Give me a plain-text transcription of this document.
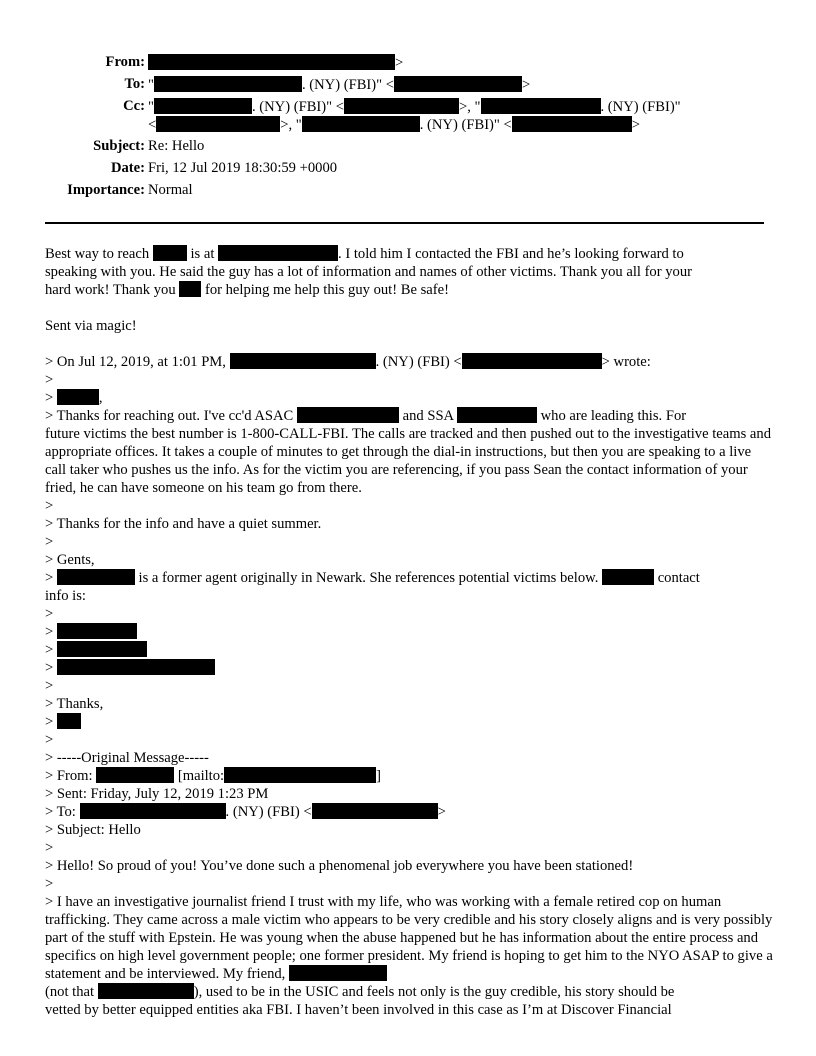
From:	>
To: "	. (NY) (FBI)" <	>
Cc: "	. (NY) (FBI)" <	>, "	. (NY) (FBI)"
<	>, "	. (NY) (FBI)" <	>
Subject: Re: Hello
Date: Fri, 12 Jul 2019 18:30:59 +0000
Importance: Normal
Best way to reach	is at	. I told him I contacted the FBI and he’s looking forward to
speaking with you. He said the guy has a lot of information and names of other victims. Thank you all for your
hard work! Thank you for helping me help this guy out! Be safe!
Sent via magic!
> On Jul 12, 2019, at 1:01 PM,	. (NY) (FBI) <	> wrote:
>
>	,
> Thanks for reaching out. I've cc'd ASAC	and SSA	who are leading this. For
future victims the best number is 1-800-CALL-FBI. The calls are tracked and then pushed out to the investigative teams and appropriate offices. It takes a couple of minutes to get through the dial-in instructions, but then you are speaking to a live call taker who pushes us the info. As for the victim you are referencing, if you pass Sean the contact information of your fried, he can have someone on his team go from there.
>
> Thanks for the info and have a quiet summer.
>
> Gents,
>	is a former agent originally in Newark. She references potential victims below.	contact
info is:
>
>
>
>
>
> Thanks,
>
>
> -----Original Message-----
> From:	[mailto:	]
> Sent: Friday, July 12, 2019 1:23 PM
> To:	. (NY) (FBI) <	>
> Subject: Hello
>
> Hello! So proud of you! You’ve done such a phenomenal job everywhere you have been stationed!
>
> I have an investigative journalist friend I trust with my life, who was working with a female retired cop on human trafficking. They came across a male victim who appears to be very credible and his story closely aligns and is very possibly part of the stuff with Epstein. He was young when the abuse happened but he has information about the entire process and specifics on high level government people; one former president. My friend is hoping to get him to the NYO ASAP to give a statement and be interviewed. My friend,
(not that	), used to be in the USIC and feels not only is the guy credible, his story should be
vetted by better equipped entities aka FBI. I haven’t been involved in this case as I’m at Discover Financial
